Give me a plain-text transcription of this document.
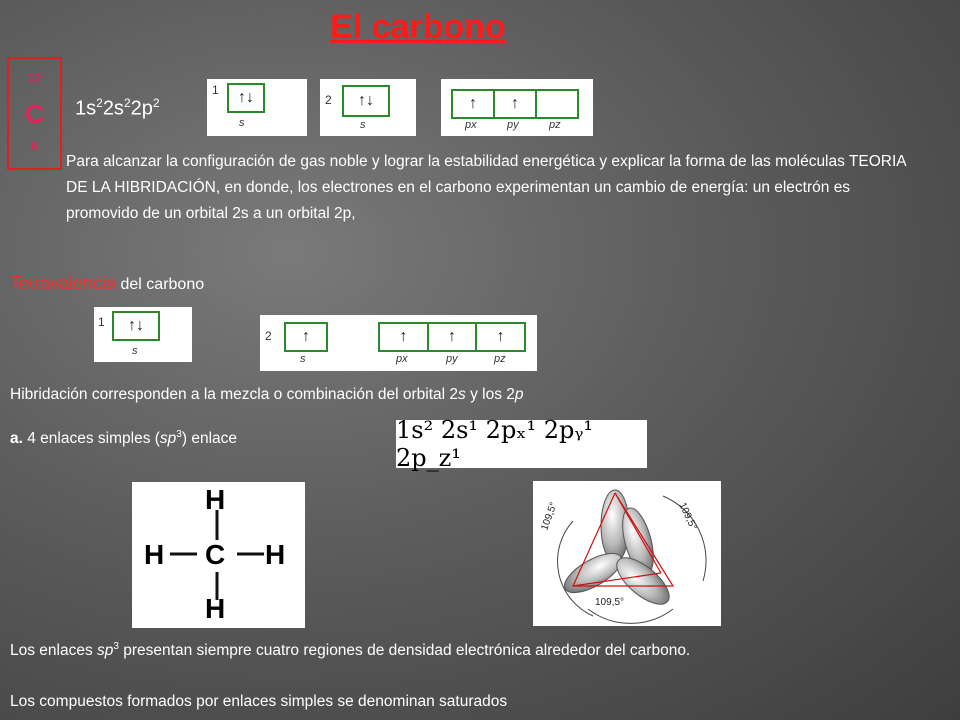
El carbono
12
C
6
$1s^22s^22p^2$
1	↑↓
s
2	↑↓
s
↑	↑
px	py	pz
Para alcanzar la configuración de gas noble y lograr la estabilidad energética y explicar la forma de las moléculas TEORIA DE LA HIBRIDACIÓN, en donde, los electrones en el carbono experimentan un cambio de energía: un electrón es promovido de un orbital 2s a un orbital 2p,
Tetravalencia del carbono
1	↑↓
s
2	↑	↑	↑	↑
s	px	py	pz
Hibridación corresponden a la mezcla o combinación del orbital 2s y los 2p
a. 4 enlaces simples $(sp^3)$ enlace	1s² 2s¹ 2pₓ¹ 2pᵧ¹ 2p_z¹
H
H C H
H
109,5°	109,5°
109,5°
Los enlaces $sp^3$ presentan siempre cuatro regiones de densidad electrónica alrededor del carbono.
Los compuestos formados por enlaces simples se denominan saturados
